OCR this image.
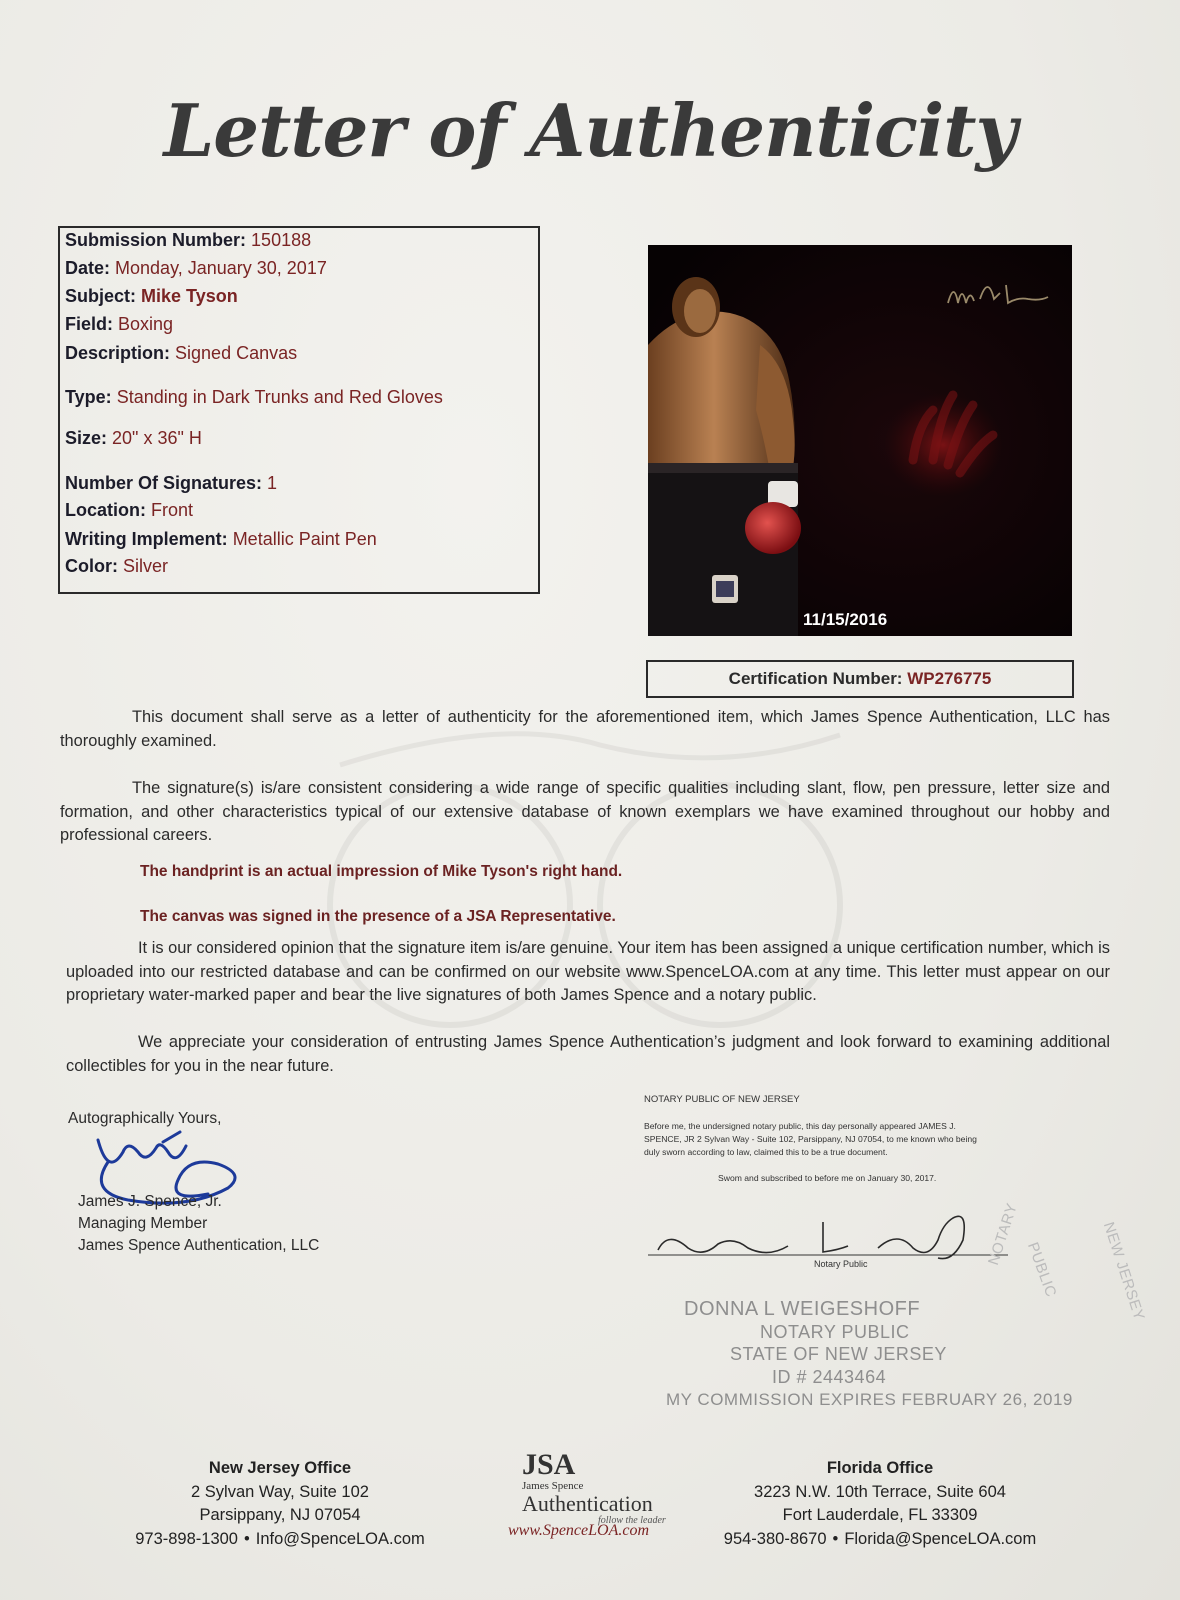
Letter of Authenticity
Submission Number: 150188
Date: Monday, January 30, 2017
Subject: Mike Tyson
Field: Boxing
Description: Signed Canvas
Type: Standing in Dark Trunks and Red Gloves
Size: 20" x 36" H
Number Of Signatures: 1
Location: Front
Writing Implement: Metallic Paint Pen
Color: Silver
11/15/2016
Certification Number: WP276775
This document shall serve as a letter of authenticity for the aforementioned item, which James Spence Authentication, LLC has thoroughly examined.
The signature(s) is/are consistent considering a wide range of specific qualities including slant, flow, pen pressure, letter size and formation, and other characteristics typical of our extensive database of known exemplars we have examined throughout our hobby and professional careers.
The handprint is an actual impression of Mike Tyson's right hand.
The canvas was signed in the presence of a JSA Representative.
It is our considered opinion that the signature item is/are genuine. Your item has been assigned a unique certification number, which is uploaded into our restricted database and can be confirmed on our website www.SpenceLOA.com at any time. This letter must appear on our proprietary water-marked paper and bear the live signatures of both James Spence and a notary public.
We appreciate your consideration of entrusting James Spence Authentication’s judgment and look forward to examining additional collectibles for you in the near future.
Autographically Yours,
James J. Spence, Jr.
Managing Member
James Spence Authentication, LLC
NOTARY PUBLIC OF NEW JERSEY
Before me, the undersigned notary public, this day personally appeared JAMES J.
SPENCE, JR 2 Sylvan Way - Suite 102, Parsippany, NJ 07054, to me known who being
duly sworn according to law, claimed this to be a true document.
Swom and subscribed to before me on January 30, 2017.
Notary Public
DONNA L WEIGESHOFF
NOTARY PUBLIC
STATE OF NEW JERSEY
ID # 2443464
MY COMMISSION EXPIRES FEBRUARY 26, 2019
NOTARY
PUBLIC	NEW JERSEY
New Jersey Office
2 Sylvan Way, Suite 102
Parsippany, NJ 07054
973-898-1300 • Info@SpenceLOA.com
JSA
James Spence
Authentication
follow the leader
www.SpenceLOA.com
Florida Office
3223 N.W. 10th Terrace, Suite 604
Fort Lauderdale, FL 33309
954-380-8670 • Florida@SpenceLOA.com
